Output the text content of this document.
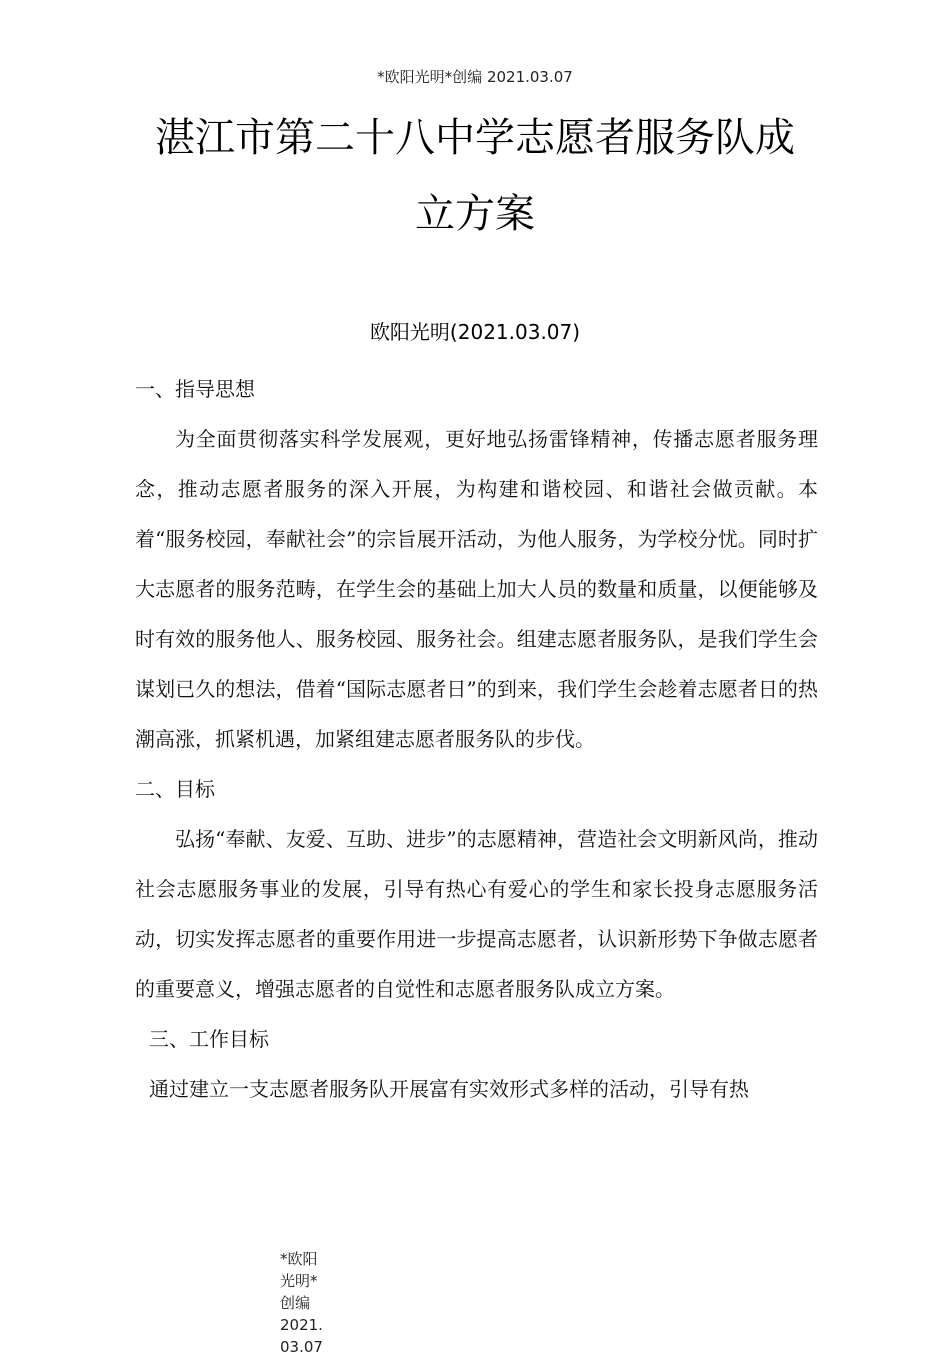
*欧阳光明*创编 2021.03.07
湛江市第二十八中学志愿者服务队成
立方案
欧阳光明(2021.03.07)

一、指导思想

为全面贯彻落实科学发展观，更好地弘扬雷锋精神，传播志愿者服务理念，推动志愿者服务的深入开展，为构建和谐校园、和谐社会做贡献。本着“服务校园，奉献社会”的宗旨展开活动，为他人服务，为学校分忧。同时扩大志愿者的服务范畴，在学生会的基础上加大人员的数量和质量，以便能够及时有效的服务他人、服务校园、服务社会。组建志愿者服务队，是我们学生会谋划已久的想法，借着“国际志愿者日”的到来，我们学生会趁着志愿者日的热潮高涨，抓紧机遇，加紧组建志愿者服务队的步伐。

二、目标

弘扬“奉献、友爱、互助、进步”的志愿精神，营造社会文明新风尚，推动社会志愿服务事业的发展，引导有热心有爱心的学生和家长投身志愿服务活动，切实发挥志愿者的重要作用进一步提高志愿者，认识新形势下争做志愿者的重要意义，增强志愿者的自觉性和志愿者服务队成立方案。

三、工作目标

通过建立一支志愿者服务队开展富有实效形式多样的活动，引导有热

*欧阳光明*创编 2021.03.07
